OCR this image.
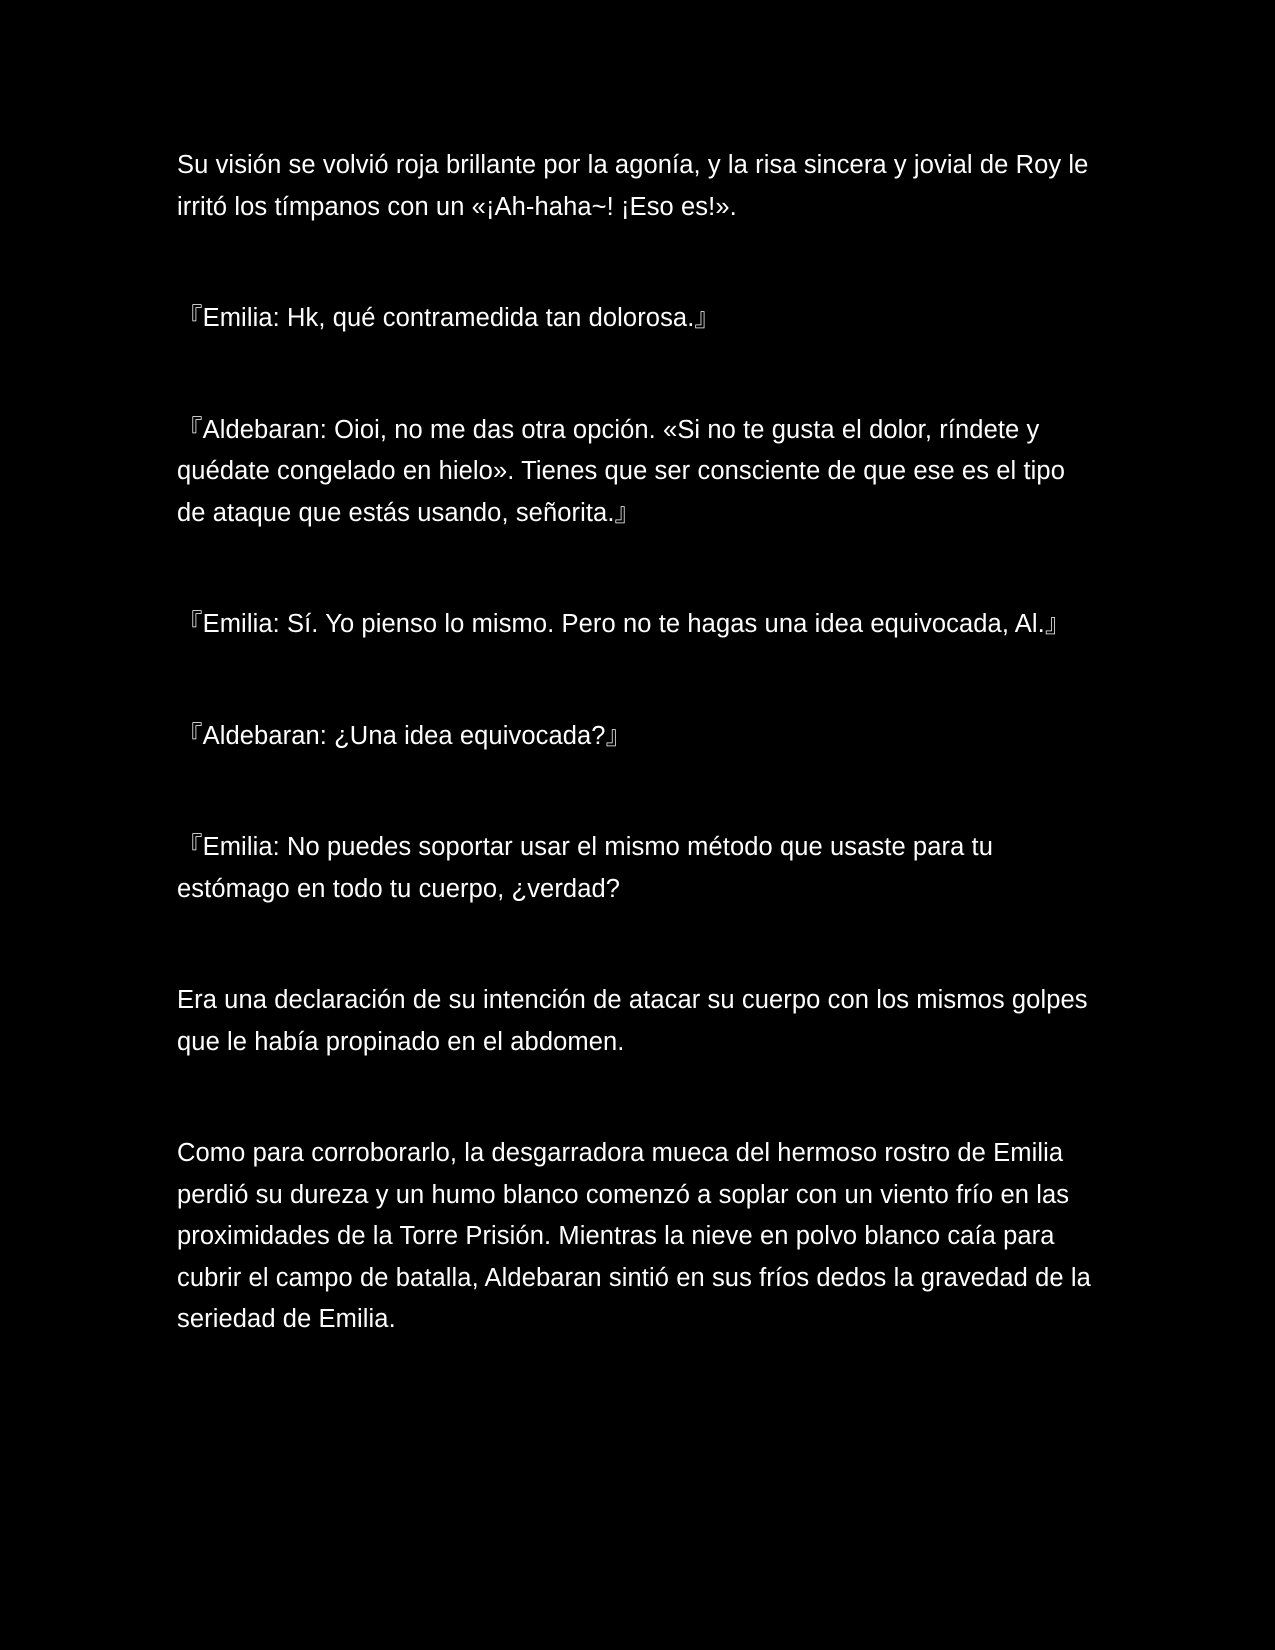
Su visión se volvió roja brillante por la agonía, y la risa sincera y jovial de Roy le irritó los tímpanos con un «¡Ah-haha~! ¡Eso es!».

『Emilia: Hk, qué contramedida tan dolorosa.』

『Aldebaran: Oioi, no me das otra opción. «Si no te gusta el dolor, ríndete y quédate congelado en hielo». Tienes que ser consciente de que ese es el tipo de ataque que estás usando, señorita.』

『Emilia: Sí. Yo pienso lo mismo. Pero no te hagas una idea equivocada, Al.』

『Aldebaran: ¿Una idea equivocada?』

『Emilia: No puedes soportar usar el mismo método que usaste para tu estómago en todo tu cuerpo, ¿verdad?

Era una declaración de su intención de atacar su cuerpo con los mismos golpes que le había propinado en el abdomen.

Como para corroborarlo, la desgarradora mueca del hermoso rostro de Emilia perdió su dureza y un humo blanco comenzó a soplar con un viento frío en las proximidades de la Torre Prisión. Mientras la nieve en polvo blanco caía para cubrir el campo de batalla, Aldebaran sintió en sus fríos dedos la gravedad de la seriedad de Emilia.
